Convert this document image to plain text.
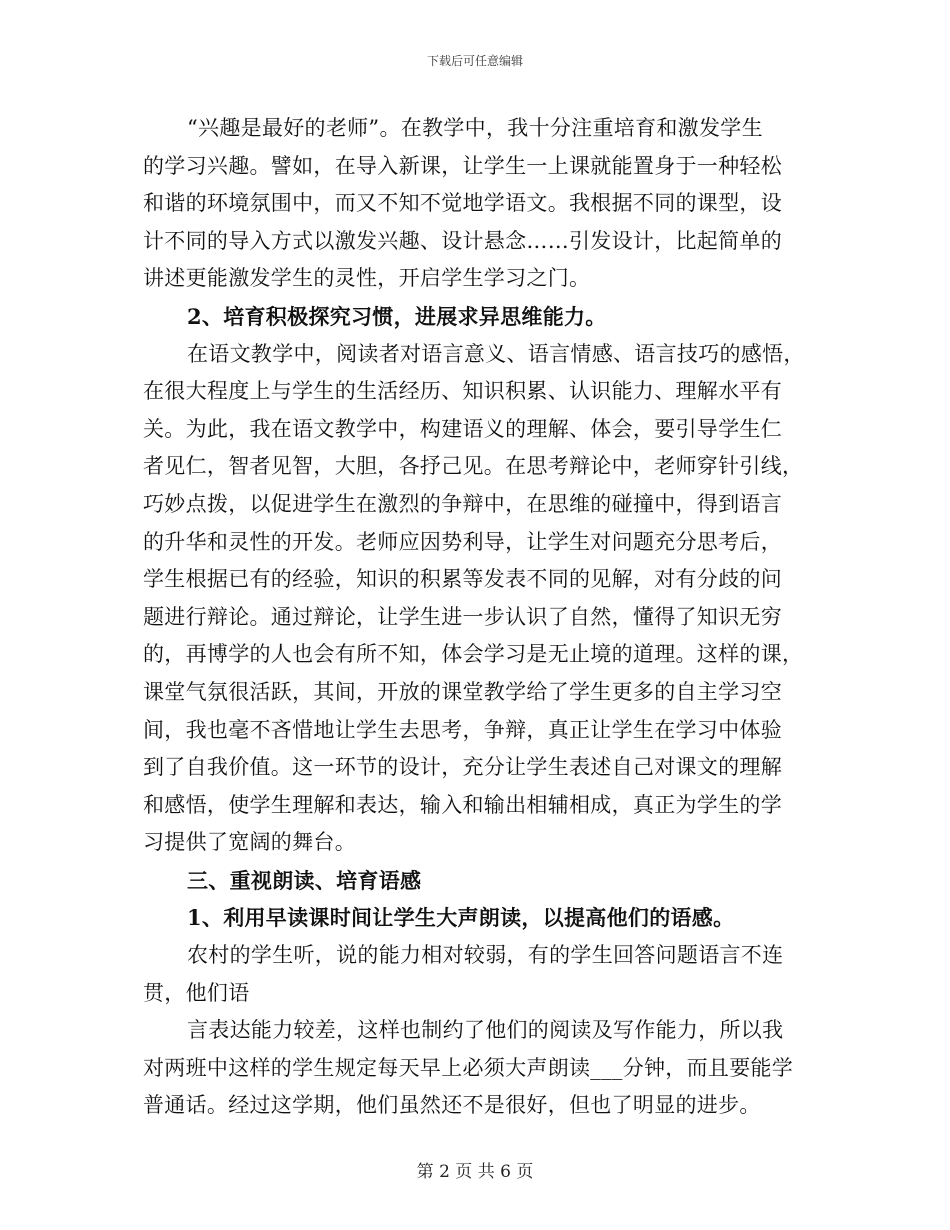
下载后可任意编辑
“兴趣是最好的老师”。在教学中，我十分注重培育和激发学生
的学习兴趣。譬如，在导入新课，让学生一上课就能置身于一种轻松
和谐的环境氛围中，而又不知不觉地学语文。我根据不同的课型，设
计不同的导入方式以激发兴趣、设计悬念……引发设计，比起简单的
讲述更能激发学生的灵性，开启学生学习之门。
2、培育积极探究习惯，进展求异思维能力。
在语文教学中，阅读者对语言意义、语言情感、语言技巧的感悟，
在很大程度上与学生的生活经历、知识积累、认识能力、理解水平有
关。为此，我在语文教学中，构建语义的理解、体会，要引导学生仁
者见仁，智者见智，大胆，各抒己见。在思考辩论中，老师穿针引线，
巧妙点拨，以促进学生在激烈的争辩中，在思维的碰撞中，得到语言
的升华和灵性的开发。老师应因势利导，让学生对问题充分思考后，
学生根据已有的经验，知识的积累等发表不同的见解，对有分歧的问
题进行辩论。通过辩论，让学生进一步认识了自然，懂得了知识无穷
的，再博学的人也会有所不知，体会学习是无止境的道理。这样的课，
课堂气氛很活跃，其间，开放的课堂教学给了学生更多的自主学习空
间，我也毫不吝惜地让学生去思考，争辩，真正让学生在学习中体验
到了自我价值。这一环节的设计，充分让学生表述自己对课文的理解
和感悟，使学生理解和表达，输入和输出相辅相成，真正为学生的学
习提供了宽阔的舞台。
三、重视朗读、培育语感
1、利用早读课时间让学生大声朗读，以提高他们的语感。
农村的学生听，说的能力相对较弱，有的学生回答问题语言不连
贯，他们语
言表达能力较差，这样也制约了他们的阅读及写作能力，所以我
对两班中这样的学生规定每天早上必须大声朗读___分钟，而且要能学
普通话。经过这学期，他们虽然还不是很好，但也了明显的进步。
第 2 页 共 6 页
